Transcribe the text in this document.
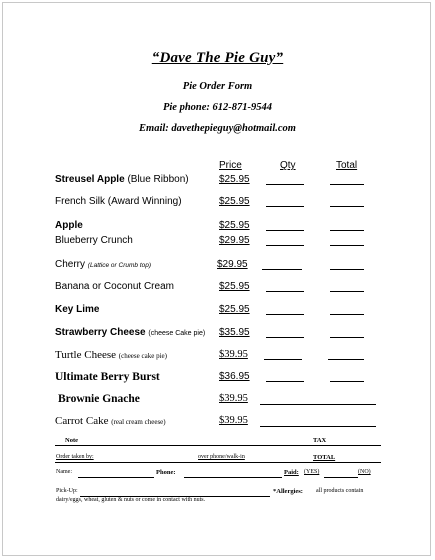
“Dave The Pie Guy”
Pie Order Form
Pie phone: 612-871-9544
Email: davethepieguy@hotmail.com
Price	Qty	Total
Streusel Apple (Blue Ribbon)	$25.95
French Silk (Award Winning)	$25.95
Apple	$25.95
Blueberry Crunch	$29.95
Cherry (Lattice or Crumb top)	$29.95
Banana or Coconut Cream	$25.95
Key Lime	$25.95
Strawberry Cheese (cheese Cake pie) $35.95
Turtle Cheese (cheese cake pie)	$39.95
Ultimate Berry Burst	$36.95
Brownie Gnache	$39.95
Carrot Cake (real cream cheese)	$39.95
Note	TAX
Order taken by:	over phone/walk-in	TOTAL
Name:	Phone:	Paid: (YES)	(NO)
Pick-Up:	*Allergies: all products contain
dairy/eggs, wheat, gluten & nuts or come in contact with nuts.
